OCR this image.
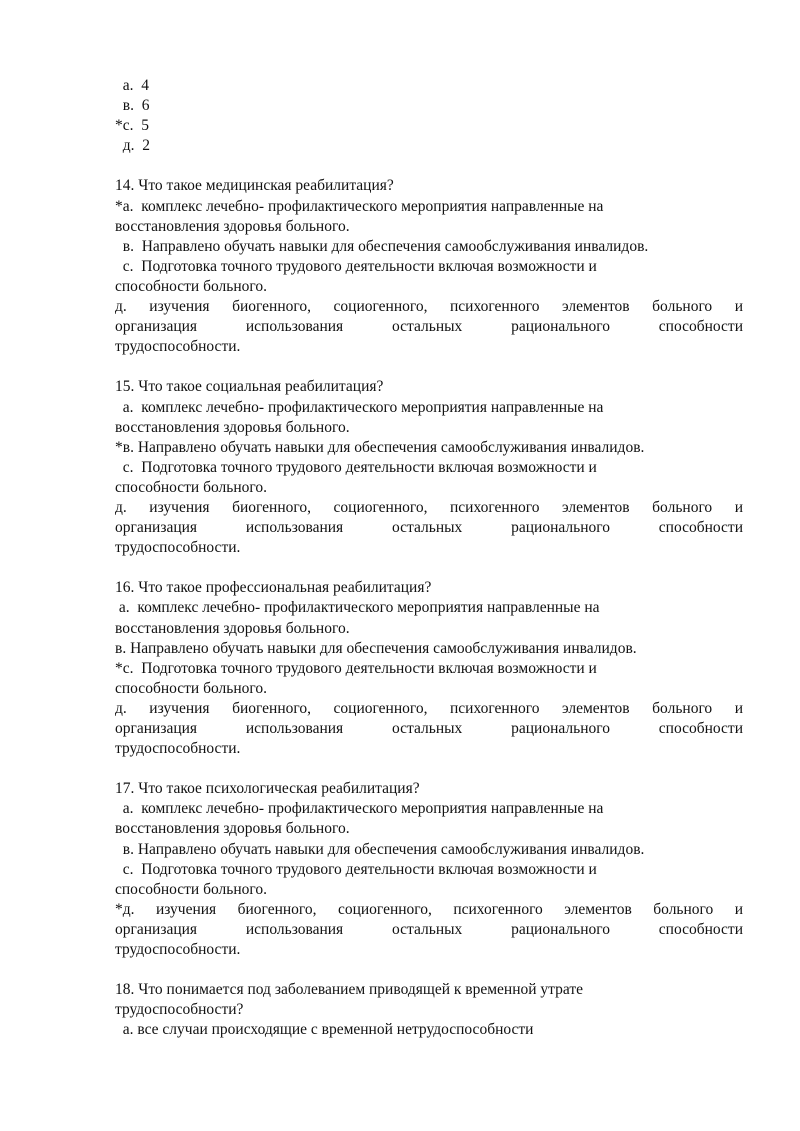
a.  4
в.  6
*с.  5
д.  2
14. Что такое медицинская реабилитация?
*а.  комплекс лечебно- профилактического мероприятия направленные на
восстановления здоровья больного.
в.  Направлено обучать навыки для обеспечения самообслуживания инвалидов.
с.  Подготовка точного трудового деятельности включая возможности и
способности больного.
д. изучения биогенного, социогенного, психогенного элементов больного и
организация использования остальных рационального способности
трудоспособности.
15. Что такое социальная реабилитация?
а.  комплекс лечебно- профилактического мероприятия направленные на
восстановления здоровья больного.
*в. Направлено обучать навыки для обеспечения самообслуживания инвалидов.
с.  Подготовка точного трудового деятельности включая возможности и
способности больного.
д. изучения биогенного, социогенного, психогенного элементов больного и
организация использования остальных рационального способности
трудоспособности.
16. Что такое профессиональная реабилитация?
а.  комплекс лечебно- профилактического мероприятия направленные на
восстановления здоровья больного.
в. Направлено обучать навыки для обеспечения самообслуживания инвалидов.
*с.  Подготовка точного трудового деятельности включая возможности и
способности больного.
д. изучения биогенного, социогенного, психогенного элементов больного и
организация использования остальных рационального способности
трудоспособности.
17. Что такое психологическая реабилитация?
а.  комплекс лечебно- профилактического мероприятия направленные на
восстановления здоровья больного.
в. Направлено обучать навыки для обеспечения самообслуживания инвалидов.
с.  Подготовка точного трудового деятельности включая возможности и
способности больного.
*д. изучения биогенного, социогенного, психогенного элементов больного и
организация использования остальных рационального способности
трудоспособности.
18. Что понимается под заболеванием приводящей к временной утрате
трудоспособности?
а. все случаи происходящие с временной нетрудоспособности
